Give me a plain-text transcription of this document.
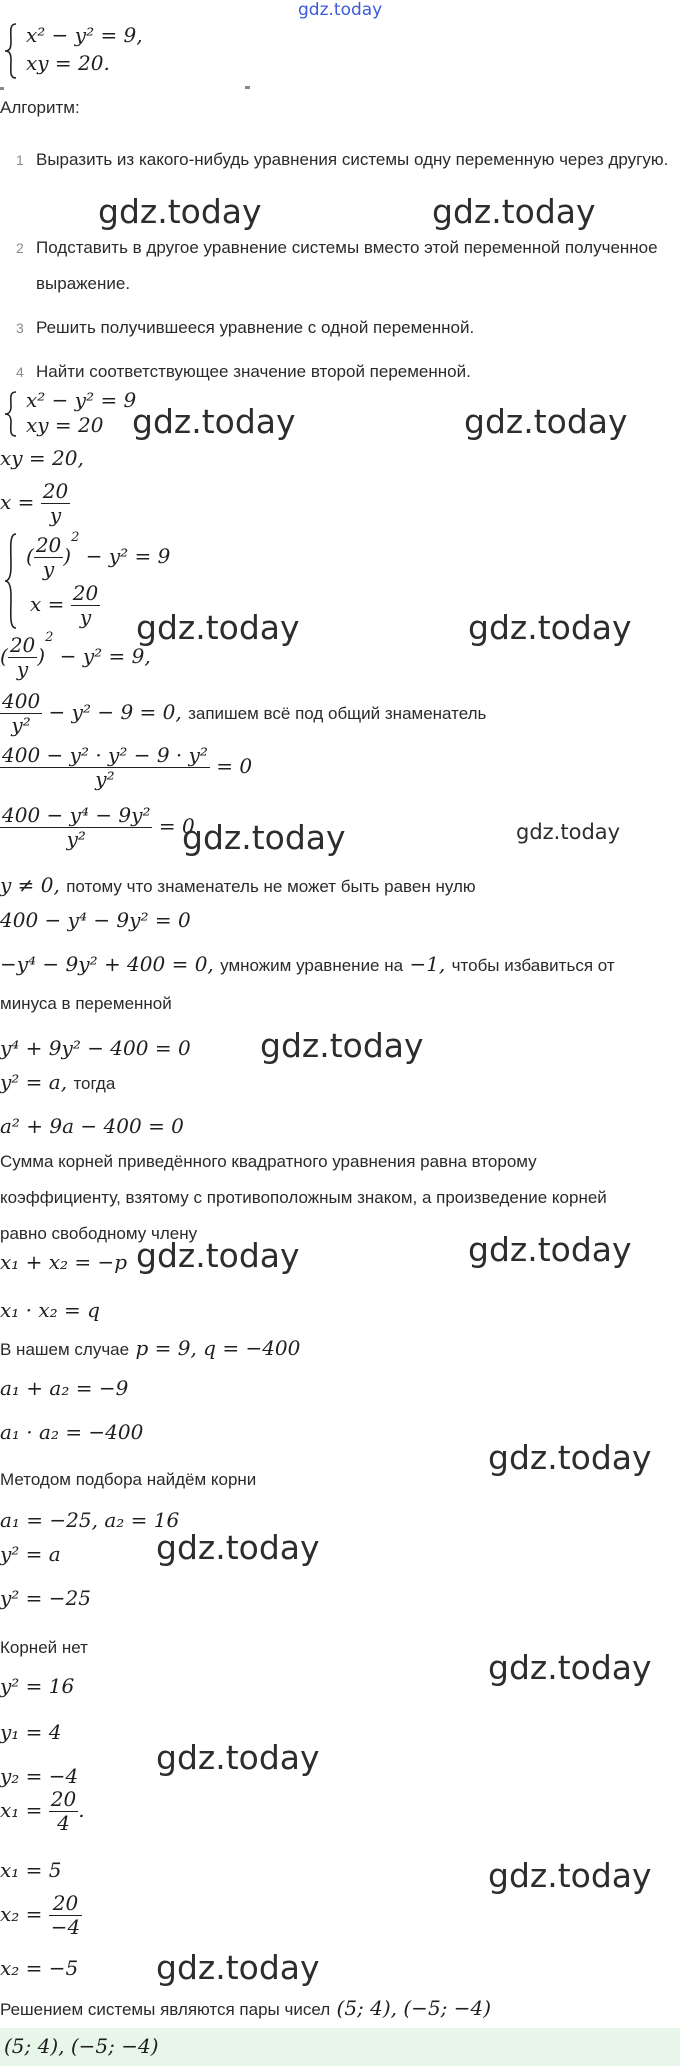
gdz.today
x² − y² = 9,
xy = 20.
Алгоритм:
1 Выразить из какого-нибудь уравнения системы одну переменную через другую.
2 Подставить в другое уравнение системы вместо этой переменной полученное выражение.
3 Решить получившееся уравнение с одной переменной.
4 Найти соответствующее значение второй переменной.
x² − y² = 9
xy = 20
xy = 20,
$x = \frac{20}{y}$
( $\frac{20}{y} )^2 - y^2 = 9$
$x = \frac{20}{y}$
( $\frac{20}{y} )^2 - y^2 = 9$,
$\frac{400}{\text{y²}} - y^2 - 9 = 0$, запишем всё под общий знаменатель
$\frac{\text{400 − y² · y² − 9 · y²}}{\text{y²}} = 0$
$\frac{\text{400 − y⁴ − 9y²}}{\text{y²}} = 0$
y ≠ 0, потому что знаменатель не может быть равен нулю
400 − y⁴ − 9y² = 0
−y⁴ − 9y² + 400 = 0, умножим уравнение на −1, чтобы избавиться от
минуса в переменной
y⁴ + 9y² − 400 = 0
y² = a, тогда
a² + 9a − 400 = 0
Сумма корней приведённого квадратного уравнения равна второму
коэффициенту, взятому с противоположным знаком, а произведение корней
равно свободному члену
x₁ + x₂ = −p
x₁ · x₂ = q
В нашем случае p = 9, q = −400
a₁ + a₂ = −9
a₁ · a₂ = −400
Методом подбора найдём корни
a₁ = −25, a₂ = 16
y² = a
y² = −25
Корней нет
y² = 16
y₁ = 4
y₂ = −4
$x_1 = \frac{20}{4}$ .
x₁ = 5
$x_2 = \frac{20}{-4}$
x₂ = −5
Решением системы являются пары чисел (5; 4), (−5; −4)
(5; 4), (−5; −4)
gdz.today	gdz.today
gdz.today	gdz.today
gdz.today	gdz.today
gdz.today	gdz.today
gdz.today
gdz.today	gdz.today
gdz.today
gdz.today
gdz.today
gdz.today
gdz.today
gdz.today
